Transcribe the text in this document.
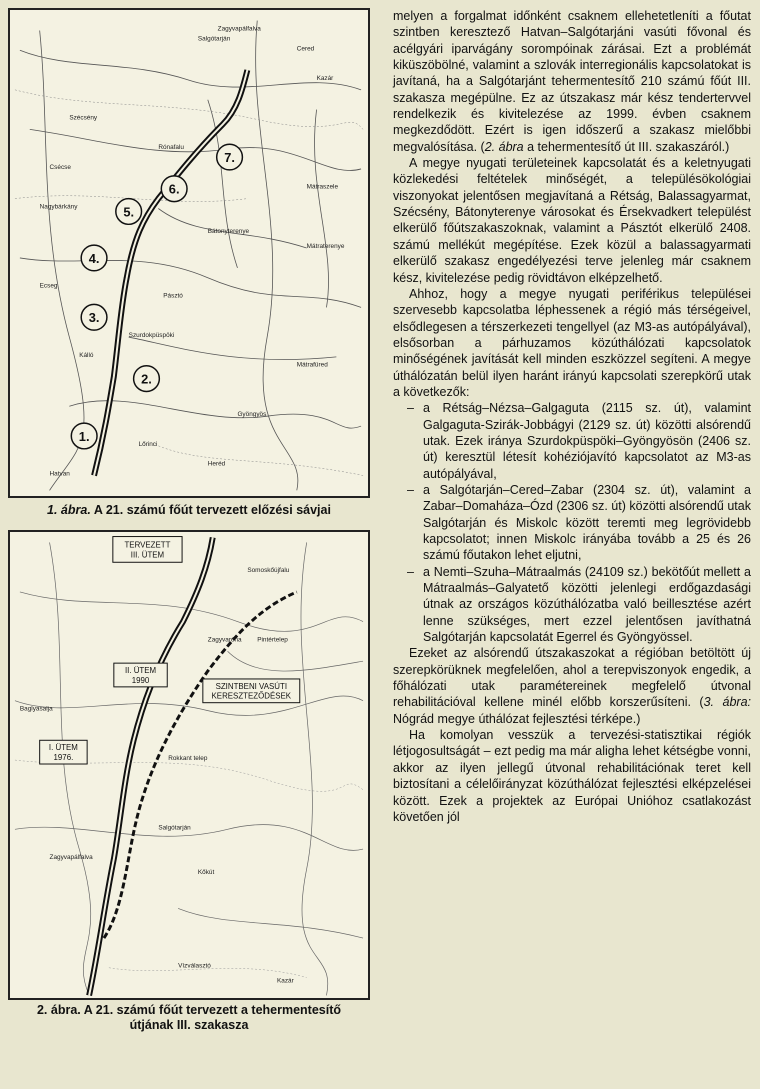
1.
2.
3.
4.
5.
6.
7.
Salgótarján
Szécsény
Pásztó
Bátonyterenye
Mátraszele
Rónafalu
Gyöngyös
Hatvan
Lőrinci
Szurdokpüspöki
Heréd
Nagybárkány
Kazár
Cered
Mátraterenye
Zagyvapálfalva
Mátrafüred
Ecseg
Kálló
Csécse
1. ábra. A 21. számú főút tervezett előzési sávjai
TERVEZETT
III. ÜTEM
II. ÜTEM
1990
I. ÜTEM
1976.
SZINTBENI VASÚTI
KERESZTEZŐDÉSEK
Salgótarján
Zagyvapálfalva
Kazár
Somoskőújfalu
Baglyasalja
Zagyvaróna
Rokkant telep
Pintértelep
Kőkút
Vízválasztó
2. ábra. A 21. számú főút tervezett a tehermentesítő
útjának III. szakasza

melyen a forgalmat időnként csaknem ellehetetleníti a főutat szintben keresztező Hatvan–Salgótarjáni vasúti fővonal és acélgyári iparvágány sorompóinak zárásai. Ezt a problémát kiküszöbölné, valamint a szlovák interregionális kapcsolatokat is javítaná, ha a Salgótarjánt tehermentesítő 210 számú főút III. szakasza megépülne. Ez az útszakasz már kész tendertervvel rendelkezik és kivitelezése az 1999. évben csaknem megkezdődött. Ezért is igen időszerű a szakasz mielőbbi megvalósítása. (2. ábra a tehermentesítő út III. szakaszáról.)

A megye nyugati területeinek kapcsolatát és a keletnyugati közlekedési feltételek minőségét, a településökológiai viszonyokat jelentősen megjavítaná a Rétság, Balassagyarmat, Szécsény, Bátonyterenye városokat és Érsekvadkert települést elkerülő főútszakaszoknak, valamint a Pásztót elkerülő 2408. számú mellékút megépítése. Ezek közül a balassagyarmati elkerülő szakasz engedélyezési terve jelenleg már csaknem kész, kivitelezése pedig rövidtávon elképzelhető.

Ahhoz, hogy a megye nyugati periférikus települései szervesebb kapcsolatba léphessenek a régió más térségeivel, elsődlegesen a térszerkezeti tengellyel (az M3-as autópályával), elsősorban a párhuzamos közúthálózati kapcsolatok minőségének javítását kell minden eszközzel segíteni. A megye úthálózatán belül ilyen haránt irányú kapcsolati szerepkörű utak a következők:

– a Rétság–Nézsa–Galgaguta (2115 sz. út), valamint Galgaguta-Szirák-Jobbágyi (2129 sz. út) közötti alsórendű utak. Ezek iránya Szurdokpüspöki–Gyöngyösön (2406 sz. út) keresztül létesít kohéziójavító kapcsolatot az M3-as autópályával,
– a Salgótarján–Cered–Zabar (2304 sz. út), valamint a Zabar–Domaháza–Ózd (2306 sz. út) közötti alsórendű utak Salgótarján és Miskolc között teremti meg legrövidebb kapcsolatot; innen Miskolc irányába tovább a 25 és 26 számú főutakon lehet eljutni,
– a Nemti–Szuha–Mátraalmás (24109 sz.) bekötőút mellett a Mátraalmás–Galyatető közötti jelenlegi erdőgazdasági útnak az országos közúthálózatba való beillesztése azért lenne szükséges, mert ezzel jelentősen javíthatná Salgótarján kapcsolatát Egerrel és Gyöngyössel.

Ezeket az alsórendű útszakaszokat a régióban betöltött új szerepkörüknek megfelelően, ahol a terepviszonyok engedik, a főhálózati utak paramétereinek megfelelő útvonal rehabilitációval kellene minél előbb korszerűsíteni. (3. ábra: Nógrád megye úthálózat fejlesztési térképe.)

Ha komolyan vesszük a tervezési-statisztikai régiók létjogosultságát – ezt pedig ma már aligha lehet kétségbe vonni, akkor az ilyen jellegű útvonal rehabilitációnak teret kell biztosítani a célelőirányzat közúthálózat fejlesztési elképzelései között. Ezek a projektek az Európai Unióhoz csatlakozást követően jól
